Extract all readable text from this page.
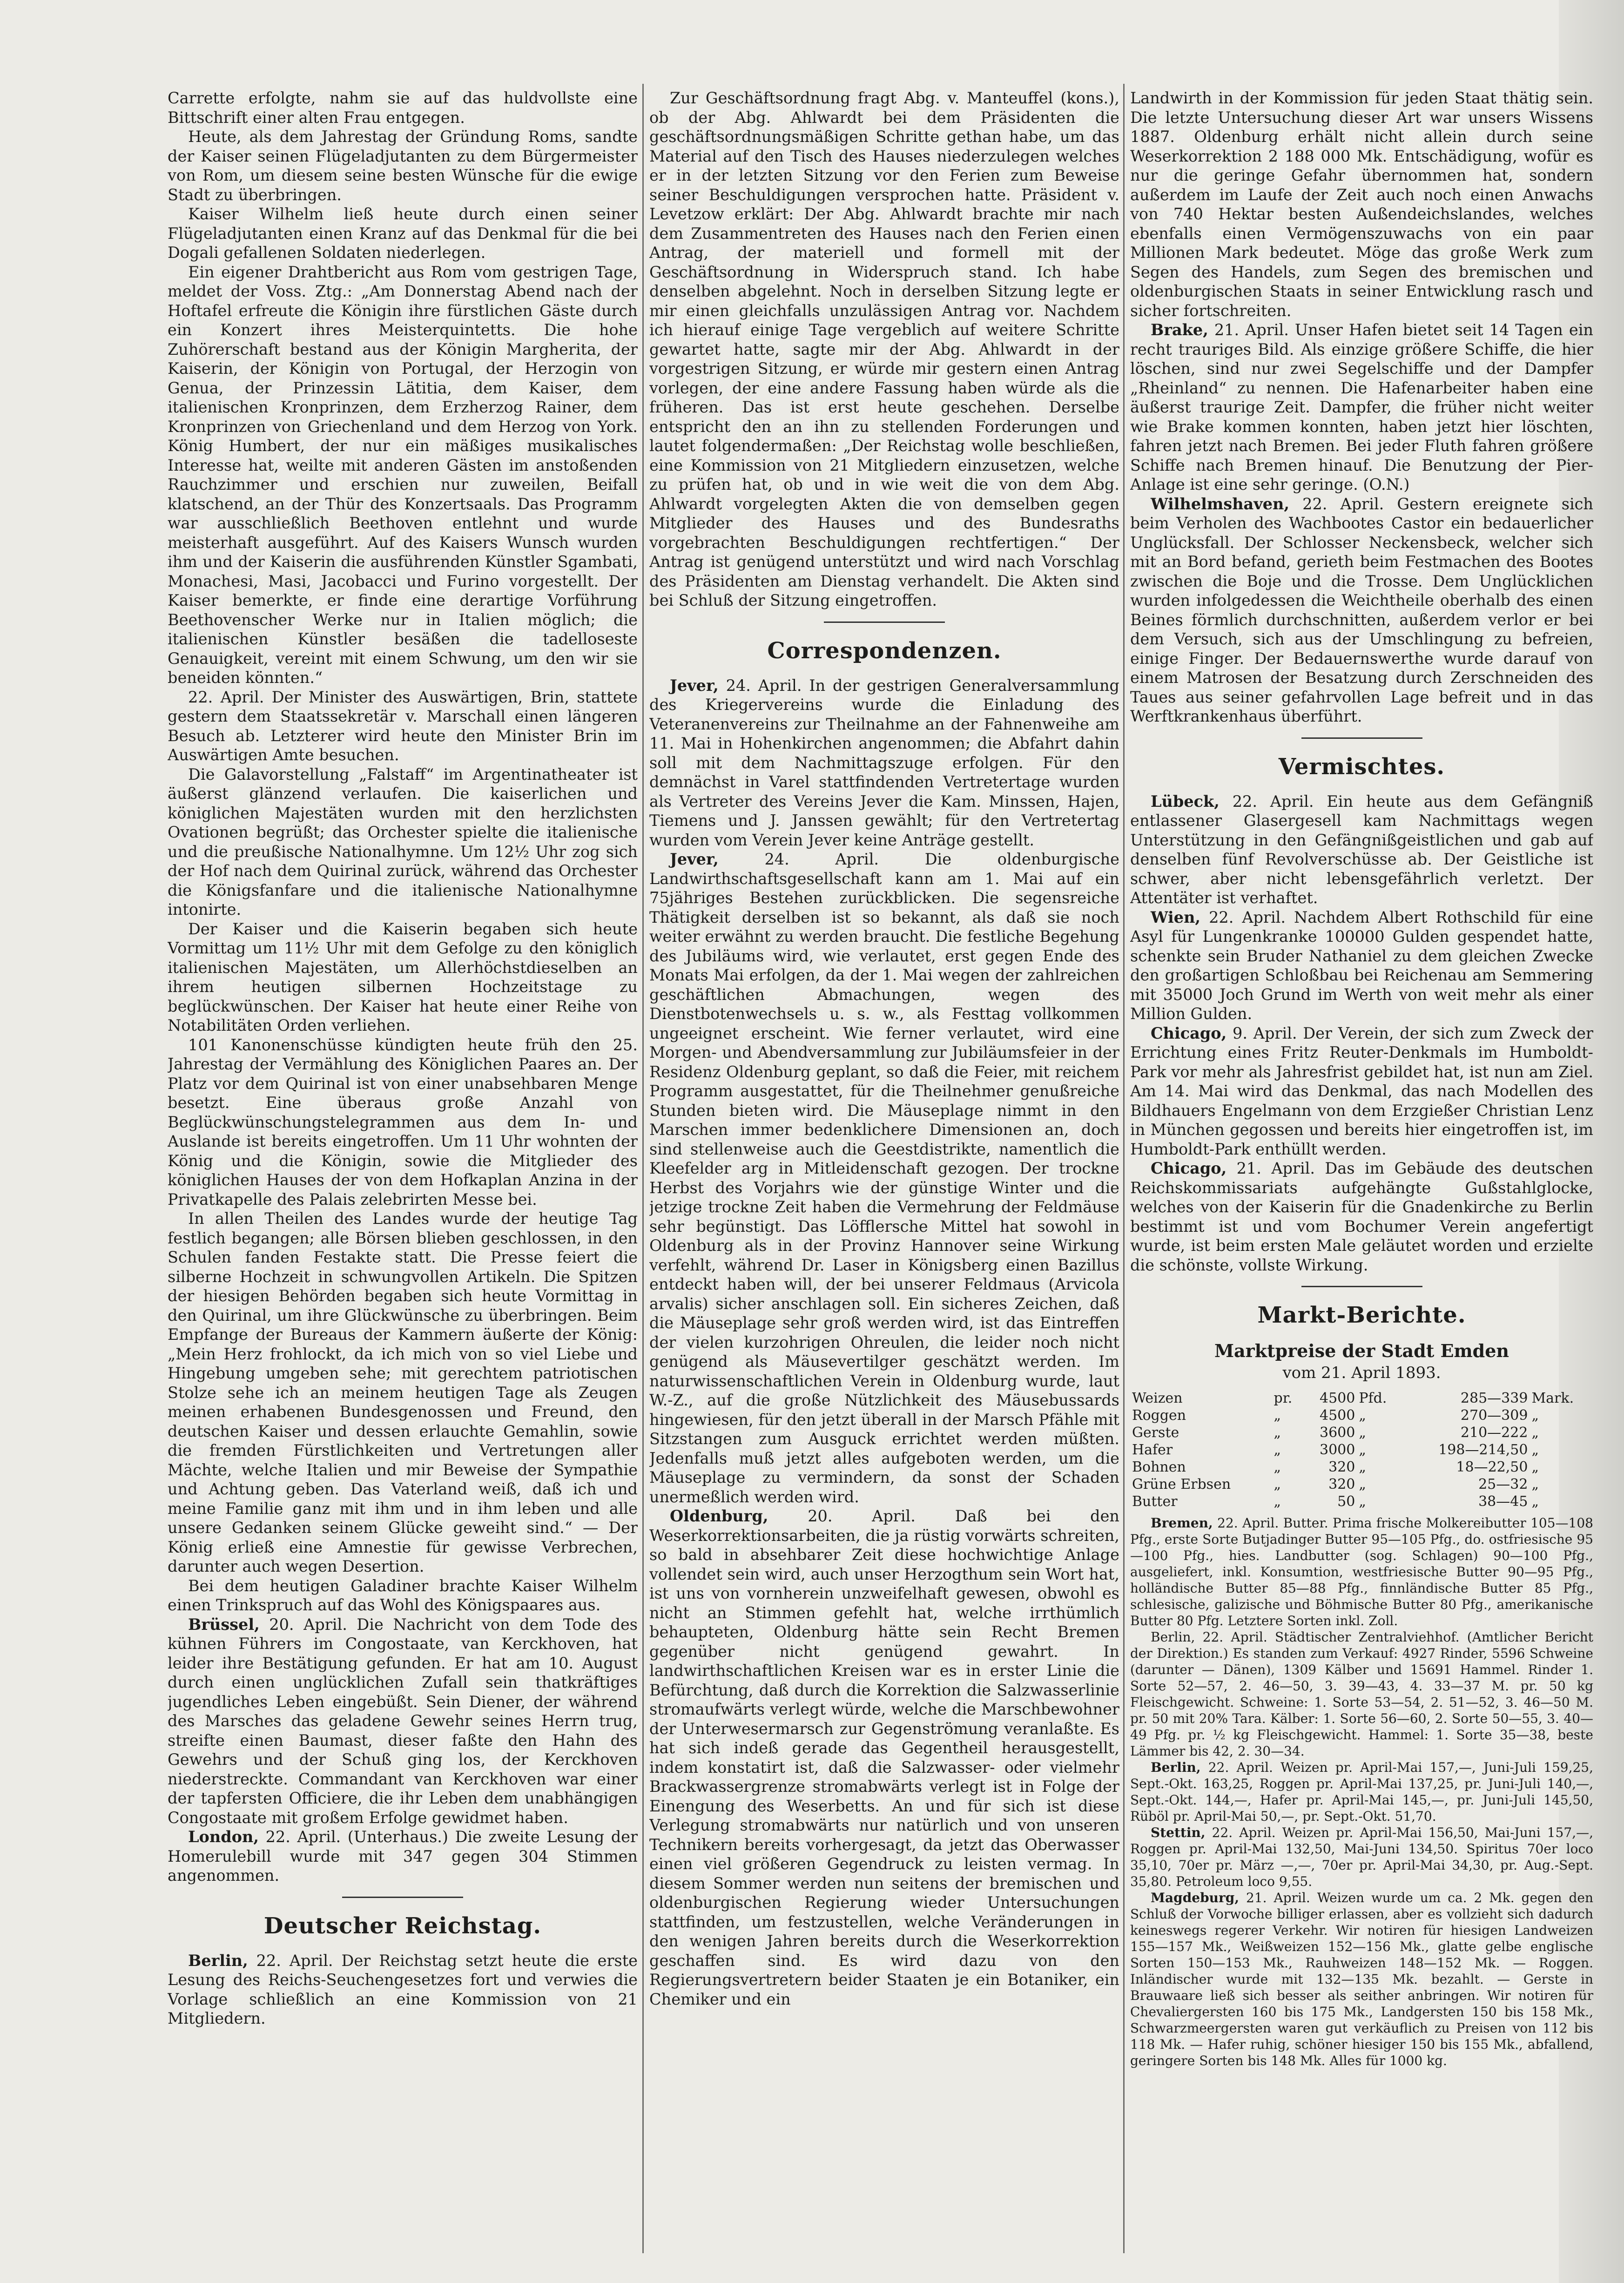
Carrette erfolgte, nahm sie auf das huldvollste eine Bittschrift einer alten Frau entgegen.

Heute, als dem Jahrestag der Gründung Roms, sandte der Kaiser seinen Flügeladjutanten zu dem Bürgermeister von Rom, um diesem seine besten Wünsche für die ewige Stadt zu überbringen.

Kaiser Wilhelm ließ heute durch einen seiner Flügeladjutanten einen Kranz auf das Denkmal für die bei Dogali gefallenen Soldaten niederlegen.

Ein eigener Drahtbericht aus Rom vom gestrigen Tage, meldet der Voss. Ztg.: „Am Donnerstag Abend nach der Hoftafel erfreute die Königin ihre fürstlichen Gäste durch ein Konzert ihres Meisterquintetts. Die hohe Zuhörerschaft bestand aus der Königin Margherita, der Kaiserin, der Königin von Portugal, der Herzogin von Genua, der Prinzessin Lätitia, dem Kaiser, dem italienischen Kronprinzen, dem Erzherzog Rainer, dem Kronprinzen von Griechenland und dem Herzog von York. König Humbert, der nur ein mäßiges musikalisches Interesse hat, weilte mit anderen Gästen im anstoßenden Rauchzimmer und erschien nur zuweilen, Beifall klatschend, an der Thür des Konzertsaals. Das Programm war ausschließlich Beethoven entlehnt und wurde meisterhaft ausgeführt. Auf des Kaisers Wunsch wurden ihm und der Kaiserin die ausführenden Künstler Sgambati, Monachesi, Masi, Jacobacci und Furino vorgestellt. Der Kaiser bemerkte, er finde eine derartige Vorführung Beethovenscher Werke nur in Italien möglich; die italienischen Künstler besäßen die tadelloseste Genauigkeit, vereint mit einem Schwung, um den wir sie beneiden könnten.“

22. April. Der Minister des Auswärtigen, Brin, stattete gestern dem Staatssekretär v. Marschall einen längeren Besuch ab. Letzterer wird heute den Minister Brin im Auswärtigen Amte besuchen.

Die Galavorstellung „Falstaff“ im Argentinatheater ist äußerst glänzend verlaufen. Die kaiserlichen und königlichen Majestäten wurden mit den herzlichsten Ovationen begrüßt; das Orchester spielte die italienische und die preußische Nationalhymne. Um 12½ Uhr zog sich der Hof nach dem Quirinal zurück, während das Orchester die Königsfanfare und die italienische Nationalhymne intonirte.

Der Kaiser und die Kaiserin begaben sich heute Vormittag um 11½ Uhr mit dem Gefolge zu den königlich italienischen Majestäten, um Allerhöchstdieselben an ihrem heutigen silbernen Hochzeitstage zu beglückwünschen. Der Kaiser hat heute einer Reihe von Notabilitäten Orden verliehen.

101 Kanonenschüsse kündigten heute früh den 25. Jahrestag der Vermählung des Königlichen Paares an. Der Platz vor dem Quirinal ist von einer unabsehbaren Menge besetzt. Eine überaus große Anzahl von Beglückwünschungstelegrammen aus dem In- und Auslande ist bereits eingetroffen. Um 11 Uhr wohnten der König und die Königin, sowie die Mitglieder des königlichen Hauses der von dem Hofkaplan Anzina in der Privatkapelle des Palais zelebrirten Messe bei.

In allen Theilen des Landes wurde der heutige Tag festlich begangen; alle Börsen blieben geschlossen, in den Schulen fanden Festakte statt. Die Presse feiert die silberne Hochzeit in schwungvollen Artikeln. Die Spitzen der hiesigen Behörden begaben sich heute Vormittag in den Quirinal, um ihre Glückwünsche zu überbringen. Beim Empfange der Bureaus der Kammern äußerte der König: „Mein Herz frohlockt, da ich mich von so viel Liebe und Hingebung umgeben sehe; mit gerechtem patriotischen Stolze sehe ich an meinem heutigen Tage als Zeugen meinen erhabenen Bundesgenossen und Freund, den deutschen Kaiser und dessen erlauchte Gemahlin, sowie die fremden Fürstlichkeiten und Vertretungen aller Mächte, welche Italien und mir Beweise der Sympathie und Achtung geben. Das Vaterland weiß, daß ich und meine Familie ganz mit ihm und in ihm leben und alle unsere Gedanken seinem Glücke geweiht sind.“ — Der König erließ eine Amnestie für gewisse Verbrechen, darunter auch wegen Desertion.

Bei dem heutigen Galadiner brachte Kaiser Wilhelm einen Trinkspruch auf das Wohl des Königspaares aus.

Brüssel, 20. April. Die Nachricht von dem Tode des kühnen Führers im Congostaate, van Kerckhoven, hat leider ihre Bestätigung gefunden. Er hat am 10. August durch einen unglücklichen Zufall sein thatkräftiges jugendliches Leben eingebüßt. Sein Diener, der während des Marsches das geladene Gewehr seines Herrn trug, streifte einen Baumast, dieser faßte den Hahn des Gewehrs und der Schuß ging los, der Kerckhoven niederstreckte. Commandant van Kerckhoven war einer der tapfersten Officiere, die ihr Leben dem unabhängigen Congostaate mit großem Erfolge gewidmet haben.

London, 22. April. (Unterhaus.) Die zweite Lesung der Homerulebill wurde mit 347 gegen 304 Stimmen angenommen.

Deutscher Reichstag.

Berlin, 22. April. Der Reichstag setzt heute die erste Lesung des Reichs-Seuchengesetzes fort und verwies die Vorlage schließlich an eine Kommission von 21 Mitgliedern.

Zur Geschäftsordnung fragt Abg. v. Manteuffel (kons.), ob der Abg. Ahlwardt bei dem Präsidenten die geschäftsordnungsmäßigen Schritte gethan habe, um das Material auf den Tisch des Hauses niederzulegen welches er in der letzten Sitzung vor den Ferien zum Beweise seiner Beschuldigungen versprochen hatte. Präsident v. Levetzow erklärt: Der Abg. Ahlwardt brachte mir nach dem Zusammentreten des Hauses nach den Ferien einen Antrag, der materiell und formell mit der Geschäftsordnung in Widerspruch stand. Ich habe denselben abgelehnt. Noch in derselben Sitzung legte er mir einen gleichfalls unzulässigen Antrag vor. Nachdem ich hierauf einige Tage vergeblich auf weitere Schritte gewartet hatte, sagte mir der Abg. Ahlwardt in der vorgestrigen Sitzung, er würde mir gestern einen Antrag vorlegen, der eine andere Fassung haben würde als die früheren. Das ist erst heute geschehen. Derselbe entspricht den an ihn zu stellenden Forderungen und lautet folgendermaßen: „Der Reichstag wolle beschließen, eine Kommission von 21 Mitgliedern einzusetzen, welche zu prüfen hat, ob und in wie weit die von dem Abg. Ahlwardt vorgelegten Akten die von demselben gegen Mitglieder des Hauses und des Bundesraths vorgebrachten Beschuldigungen rechtfertigen.“ Der Antrag ist genügend unterstützt und wird nach Vorschlag des Präsidenten am Dienstag verhandelt. Die Akten sind bei Schluß der Sitzung eingetroffen.

Correspondenzen.

Jever, 24. April. In der gestrigen Generalversammlung des Kriegervereins wurde die Einladung des Veteranenvereins zur Theilnahme an der Fahnenweihe am 11. Mai in Hohenkirchen angenommen; die Abfahrt dahin soll mit dem Nachmittagszuge erfolgen. Für den demnächst in Varel stattfindenden Vertretertage wurden als Vertreter des Vereins Jever die Kam. Minssen, Hajen, Tiemens und J. Janssen gewählt; für den Vertretertag wurden vom Verein Jever keine Anträge gestellt.

Jever, 24. April. Die oldenburgische Landwirthschaftsgesellschaft kann am 1. Mai auf ein 75jähriges Bestehen zurückblicken. Die segensreiche Thätigkeit derselben ist so bekannt, als daß sie noch weiter erwähnt zu werden braucht. Die festliche Begehung des Jubiläums wird, wie verlautet, erst gegen Ende des Monats Mai erfolgen, da der 1. Mai wegen der zahlreichen geschäftlichen Abmachungen, wegen des Dienstbotenwechsels u. s. w., als Festtag vollkommen ungeeignet erscheint. Wie ferner verlautet, wird eine Morgen- und Abendversammlung zur Jubiläumsfeier in der Residenz Oldenburg geplant, so daß die Feier, mit reichem Programm ausgestattet, für die Theilnehmer genußreiche Stunden bieten wird. Die Mäuseplage nimmt in den Marschen immer bedenklichere Dimensionen an, doch sind stellenweise auch die Geestdistrikte, namentlich die Kleefelder arg in Mitleidenschaft gezogen. Der trockne Herbst des Vorjahrs wie der günstige Winter und die jetzige trockne Zeit haben die Vermehrung der Feldmäuse sehr begünstigt. Das Löfflersche Mittel hat sowohl in Oldenburg als in der Provinz Hannover seine Wirkung verfehlt, während Dr. Laser in Königsberg einen Bazillus entdeckt haben will, der bei unserer Feldmaus (Arvicola arvalis) sicher anschlagen soll. Ein sicheres Zeichen, daß die Mäuseplage sehr groß werden wird, ist das Eintreffen der vielen kurzohrigen Ohreulen, die leider noch nicht genügend als Mäusevertilger geschätzt werden. Im naturwissenschaftlichen Verein in Oldenburg wurde, laut W.-Z., auf die große Nützlichkeit des Mäusebussards hingewiesen, für den jetzt überall in der Marsch Pfähle mit Sitzstangen zum Ausguck errichtet werden müßten. Jedenfalls muß jetzt alles aufgeboten werden, um die Mäuseplage zu vermindern, da sonst der Schaden unermeßlich werden wird.

Oldenburg, 20. April. Daß bei den Weserkorrektionsarbeiten, die ja rüstig vorwärts schreiten, so bald in absehbarer Zeit diese hochwichtige Anlage vollendet sein wird, auch unser Herzogthum sein Wort hat, ist uns von vornherein unzweifelhaft gewesen, obwohl es nicht an Stimmen gefehlt hat, welche irrthümlich behaupteten, Oldenburg hätte sein Recht Bremen gegenüber nicht genügend gewahrt. In landwirthschaftlichen Kreisen war es in erster Linie die Befürchtung, daß durch die Korrektion die Salzwasserlinie stromaufwärts verlegt würde, welche die Marschbewohner der Unterwesermarsch zur Gegenströmung veranlaßte. Es hat sich indeß gerade das Gegentheil herausgestellt, indem konstatirt ist, daß die Salzwasser- oder vielmehr Brackwassergrenze stromabwärts verlegt ist in Folge der Einengung des Weserbetts. An und für sich ist diese Verlegung stromabwärts nur natürlich und von unseren Technikern bereits vorhergesagt, da jetzt das Oberwasser einen viel größeren Gegendruck zu leisten vermag. In diesem Sommer werden nun seitens der bremischen und oldenburgischen Regierung wieder Untersuchungen stattfinden, um festzustellen, welche Veränderungen in den wenigen Jahren bereits durch die Weserkorrektion geschaffen sind. Es wird dazu von den Regierungsvertretern beider Staaten je ein Botaniker, ein Chemiker und ein

Landwirth in der Kommission für jeden Staat thätig sein. Die letzte Untersuchung dieser Art war unsers Wissens 1887. Oldenburg erhält nicht allein durch seine Weserkorrektion 2 188 000 Mk. Entschädigung, wofür es nur die geringe Gefahr übernommen hat, sondern außerdem im Laufe der Zeit auch noch einen Anwachs von 740 Hektar besten Außendeichslandes, welches ebenfalls einen Vermögenszuwachs von ein paar Millionen Mark bedeutet. Möge das große Werk zum Segen des Handels, zum Segen des bremischen und oldenburgischen Staats in seiner Entwicklung rasch und sicher fortschreiten.

Brake, 21. April. Unser Hafen bietet seit 14 Tagen ein recht trauriges Bild. Als einzige größere Schiffe, die hier löschen, sind nur zwei Segelschiffe und der Dampfer „Rheinland“ zu nennen. Die Hafenarbeiter haben eine äußerst traurige Zeit. Dampfer, die früher nicht weiter wie Brake kommen konnten, haben jetzt hier löschten, fahren jetzt nach Bremen. Bei jeder Fluth fahren größere Schiffe nach Bremen hinauf. Die Benutzung der Pier-Anlage ist eine sehr geringe. (O.N.)

Wilhelmshaven, 22. April. Gestern ereignete sich beim Verholen des Wachbootes Castor ein bedauerlicher Unglücksfall. Der Schlosser Neckensbeck, welcher sich mit an Bord befand, gerieth beim Festmachen des Bootes zwischen die Boje und die Trosse. Dem Unglücklichen wurden infolgedessen die Weichtheile oberhalb des einen Beines förmlich durchschnitten, außerdem verlor er bei dem Versuch, sich aus der Umschlingung zu befreien, einige Finger. Der Bedauernswerthe wurde darauf von einem Matrosen der Besatzung durch Zerschneiden des Taues aus seiner gefahrvollen Lage befreit und in das Werftkrankenhaus überführt.

Vermischtes.

Lübeck, 22. April. Ein heute aus dem Gefängniß entlassener Glasergesell kam Nachmittags wegen Unterstützung in den Gefängnißgeistlichen und gab auf denselben fünf Revolverschüsse ab. Der Geistliche ist schwer, aber nicht lebensgefährlich verletzt. Der Attentäter ist verhaftet.

Wien, 22. April. Nachdem Albert Rothschild für eine Asyl für Lungenkranke 100000 Gulden gespendet hatte, schenkte sein Bruder Nathaniel zu dem gleichen Zwecke den großartigen Schloßbau bei Reichenau am Semmering mit 35000 Joch Grund im Werth von weit mehr als einer Million Gulden.

Chicago, 9. April. Der Verein, der sich zum Zweck der Errichtung eines Fritz Reuter-Denkmals im Humboldt-Park vor mehr als Jahresfrist gebildet hat, ist nun am Ziel. Am 14. Mai wird das Denkmal, das nach Modellen des Bildhauers Engelmann von dem Erzgießer Christian Lenz in München gegossen und bereits hier eingetroffen ist, im Humboldt-Park enthüllt werden.

Chicago, 21. April. Das im Gebäude des deutschen Reichskommissariats aufgehängte Gußstahlglocke, welches von der Kaiserin für die Gnadenkirche zu Berlin bestimmt ist und vom Bochumer Verein angefertigt wurde, ist beim ersten Male geläutet worden und erzielte die schönste, vollste Wirkung.

Markt-Berichte.
Marktpreise der Stadt Emden
vom 21. April 1893.
Weizen	pr.	4500	Pfd.	285—339	Mark.
Roggen	„	4500	„	270—309	„
Gerste	„	3600	„	210—222	„
Hafer	„	3000	„	198—214,50	„
Bohnen	„	320	„	18—22,50	„
Grüne Erbsen	„	320	„	25—32	„
Butter	„	50	„	38—45	„

Bremen, 22. April. Butter. Prima frische Molkereibutter 105—108 Pfg., erste Sorte Butjadinger Butter 95—105 Pfg., do. ostfriesische 95—100 Pfg., hies. Landbutter (sog. Schlagen) 90—100 Pfg., ausgeliefert, inkl. Konsumtion, westfriesische Butter 90—95 Pfg., holländische Butter 85—88 Pfg., finnländische Butter 85 Pfg., schlesische, galizische und Böhmische Butter 80 Pfg., amerikanische Butter 80 Pfg. Letztere Sorten inkl. Zoll.

Berlin, 22. April. Städtischer Zentralviehhof. (Amtlicher Bericht der Direktion.) Es standen zum Verkauf: 4927 Rinder, 5596 Schweine (darunter — Dänen), 1309 Kälber und 15691 Hammel. Rinder 1. Sorte 52—57, 2. 46—50, 3. 39—43, 4. 33—37 M. pr. 50 kg Fleischgewicht. Schweine: 1. Sorte 53—54, 2. 51—52, 3. 46—50 M. pr. 50 mit 20% Tara. Kälber: 1. Sorte 56—60, 2. Sorte 50—55, 3. 40—49 Pfg. pr. ½ kg Fleischgewicht. Hammel: 1. Sorte 35—38, beste Lämmer bis 42, 2. 30—34.

Berlin, 22. April. Weizen pr. April-Mai 157,—, Juni-Juli 159,25, Sept.-Okt. 163,25, Roggen pr. April-Mai 137,25, pr. Juni-Juli 140,—, Sept.-Okt. 144,—, Hafer pr. April-Mai 145,—, pr. Juni-Juli 145,50, Rüböl pr. April-Mai 50,—, pr. Sept.-Okt. 51,70.

Stettin, 22. April. Weizen pr. April-Mai 156,50, Mai-Juni 157,—, Roggen pr. April-Mai 132,50, Mai-Juni 134,50. Spiritus 70er loco 35,10, 70er pr. März —,—, 70er pr. April-Mai 34,30, pr. Aug.-Sept. 35,80. Petroleum loco 9,55.

Magdeburg, 21. April. Weizen wurde um ca. 2 Mk. gegen den Schluß der Vorwoche billiger erlassen, aber es vollzieht sich dadurch keineswegs regerer Verkehr. Wir notiren für hiesigen Landweizen 155—157 Mk., Weißweizen 152—156 Mk., glatte gelbe englische Sorten 150—153 Mk., Rauhweizen 148—152 Mk. — Roggen. Inländischer wurde mit 132—135 Mk. bezahlt. — Gerste in Brauwaare ließ sich besser als seither anbringen. Wir notiren für Chevaliergersten 160 bis 175 Mk., Landgersten 150 bis 158 Mk., Schwarzmeergersten waren gut verkäuflich zu Preisen von 112 bis 118 Mk. — Hafer ruhig, schöner hiesiger 150 bis 155 Mk., abfallend, geringere Sorten bis 148 Mk. Alles für 1000 kg.
